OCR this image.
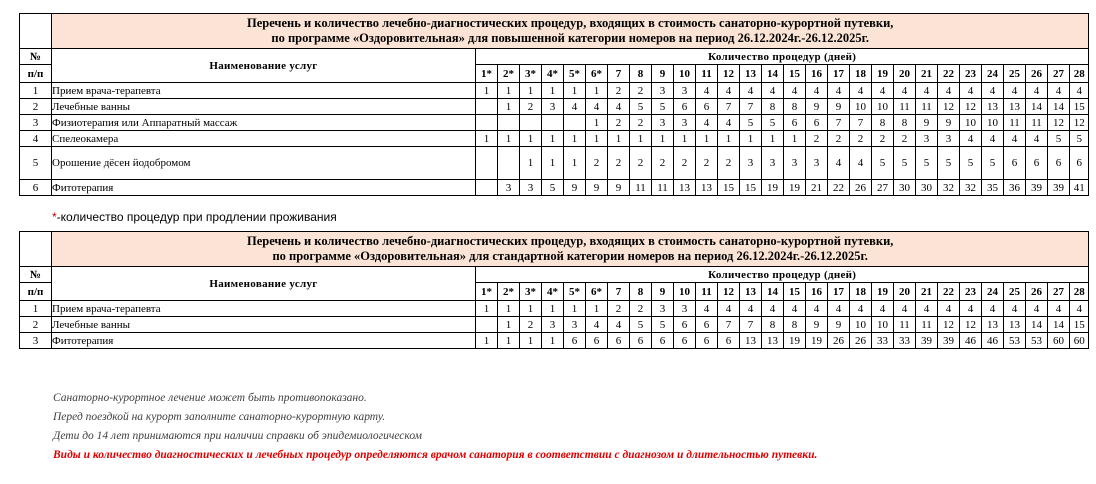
	Перечень и количество лечебно-диагностических процедур, входящих в стоимость санаторно-курортной путевки,
по программе «Оздоровительная» для повышенной категории номеров на период 26.12.2024г.-26.12.2025г.																												

№	Наименование услуг	Количество процедур (дней)																											
п/п		1*	2*	3*	4*	5*	6*	7	8	9	10	11	12	13	14	15	16	17	18	19	20	21	22	23	24	25	26	27	28
1	Прием врача-терапевта	1	1	1	1	1	1	2	2	3	3	4	4	4	4	4	4	4	4	4	4	4	4	4	4	4	4	4	4
2	Лечебные ванны		1	2	3	4	4	4	5	5	6	6	7	7	8	8	9	9	10	10	11	11	12	12	13	13	14	14	15
3	Физиотерапия или Аппаратный массаж						1	2	2	3	3	4	4	5	5	6	6	7	7	8	8	9	9	10	10	11	11	12	12
4	Спелеокамера	1	1	1	1	1	1	1	1	1	1	1	1	1	1	1	2	2	2	2	2	3	3	4	4	4	4	5	5
5	Орошение дёсен йодобромом			1	1	1	2	2	2	2	2	2	2	3	3	3	3	4	4	5	5	5	5	5	5	6	6	6	6
6	Фитотерапия		3	3	5	9	9	9	11	11	13	13	15	15	19	19	21	22	26	27	30	30	32	32	35	36	39	39	41

	Перечень и количество лечебно-диагностических процедур, входящих в стоимость санаторно-курортной путевки,
по программе «Оздоровительная» для стандартной категории номеров на период 26.12.2024г.-26.12.2025г.																												

№	Наименование услуг	Количество процедур (дней)																											
п/п		1*	2*	3*	4*	5*	6*	7	8	9	10	11	12	13	14	15	16	17	18	19	20	21	22	23	24	25	26	27	28
1	Прием врача-терапевта	1	1	1	1	1	1	2	2	3	3	4	4	4	4	4	4	4	4	4	4	4	4	4	4	4	4	4	4
2	Лечебные ванны		1	2	3	3	4	4	5	5	6	6	7	7	8	8	9	9	10	10	11	11	12	12	13	13	14	14	15
3	Фитотерапия	1	1	1	1	6	6	6	6	6	6	6	6	13	13	19	19	26	26	33	33	39	39	46	46	53	53	60	60
*-количество процедур при продлении проживания
Санаторно-курортное лечение может быть противопоказано.
Перед поездкой на курорт заполните санаторно-курортную карту.
Дети до 14 лет принимаются при наличии справки об эпидемиологическом
Виды и количество диагностических и лечебных процедур определяются врачом санатория в соответствии с диагнозом и длительностью путевки.
